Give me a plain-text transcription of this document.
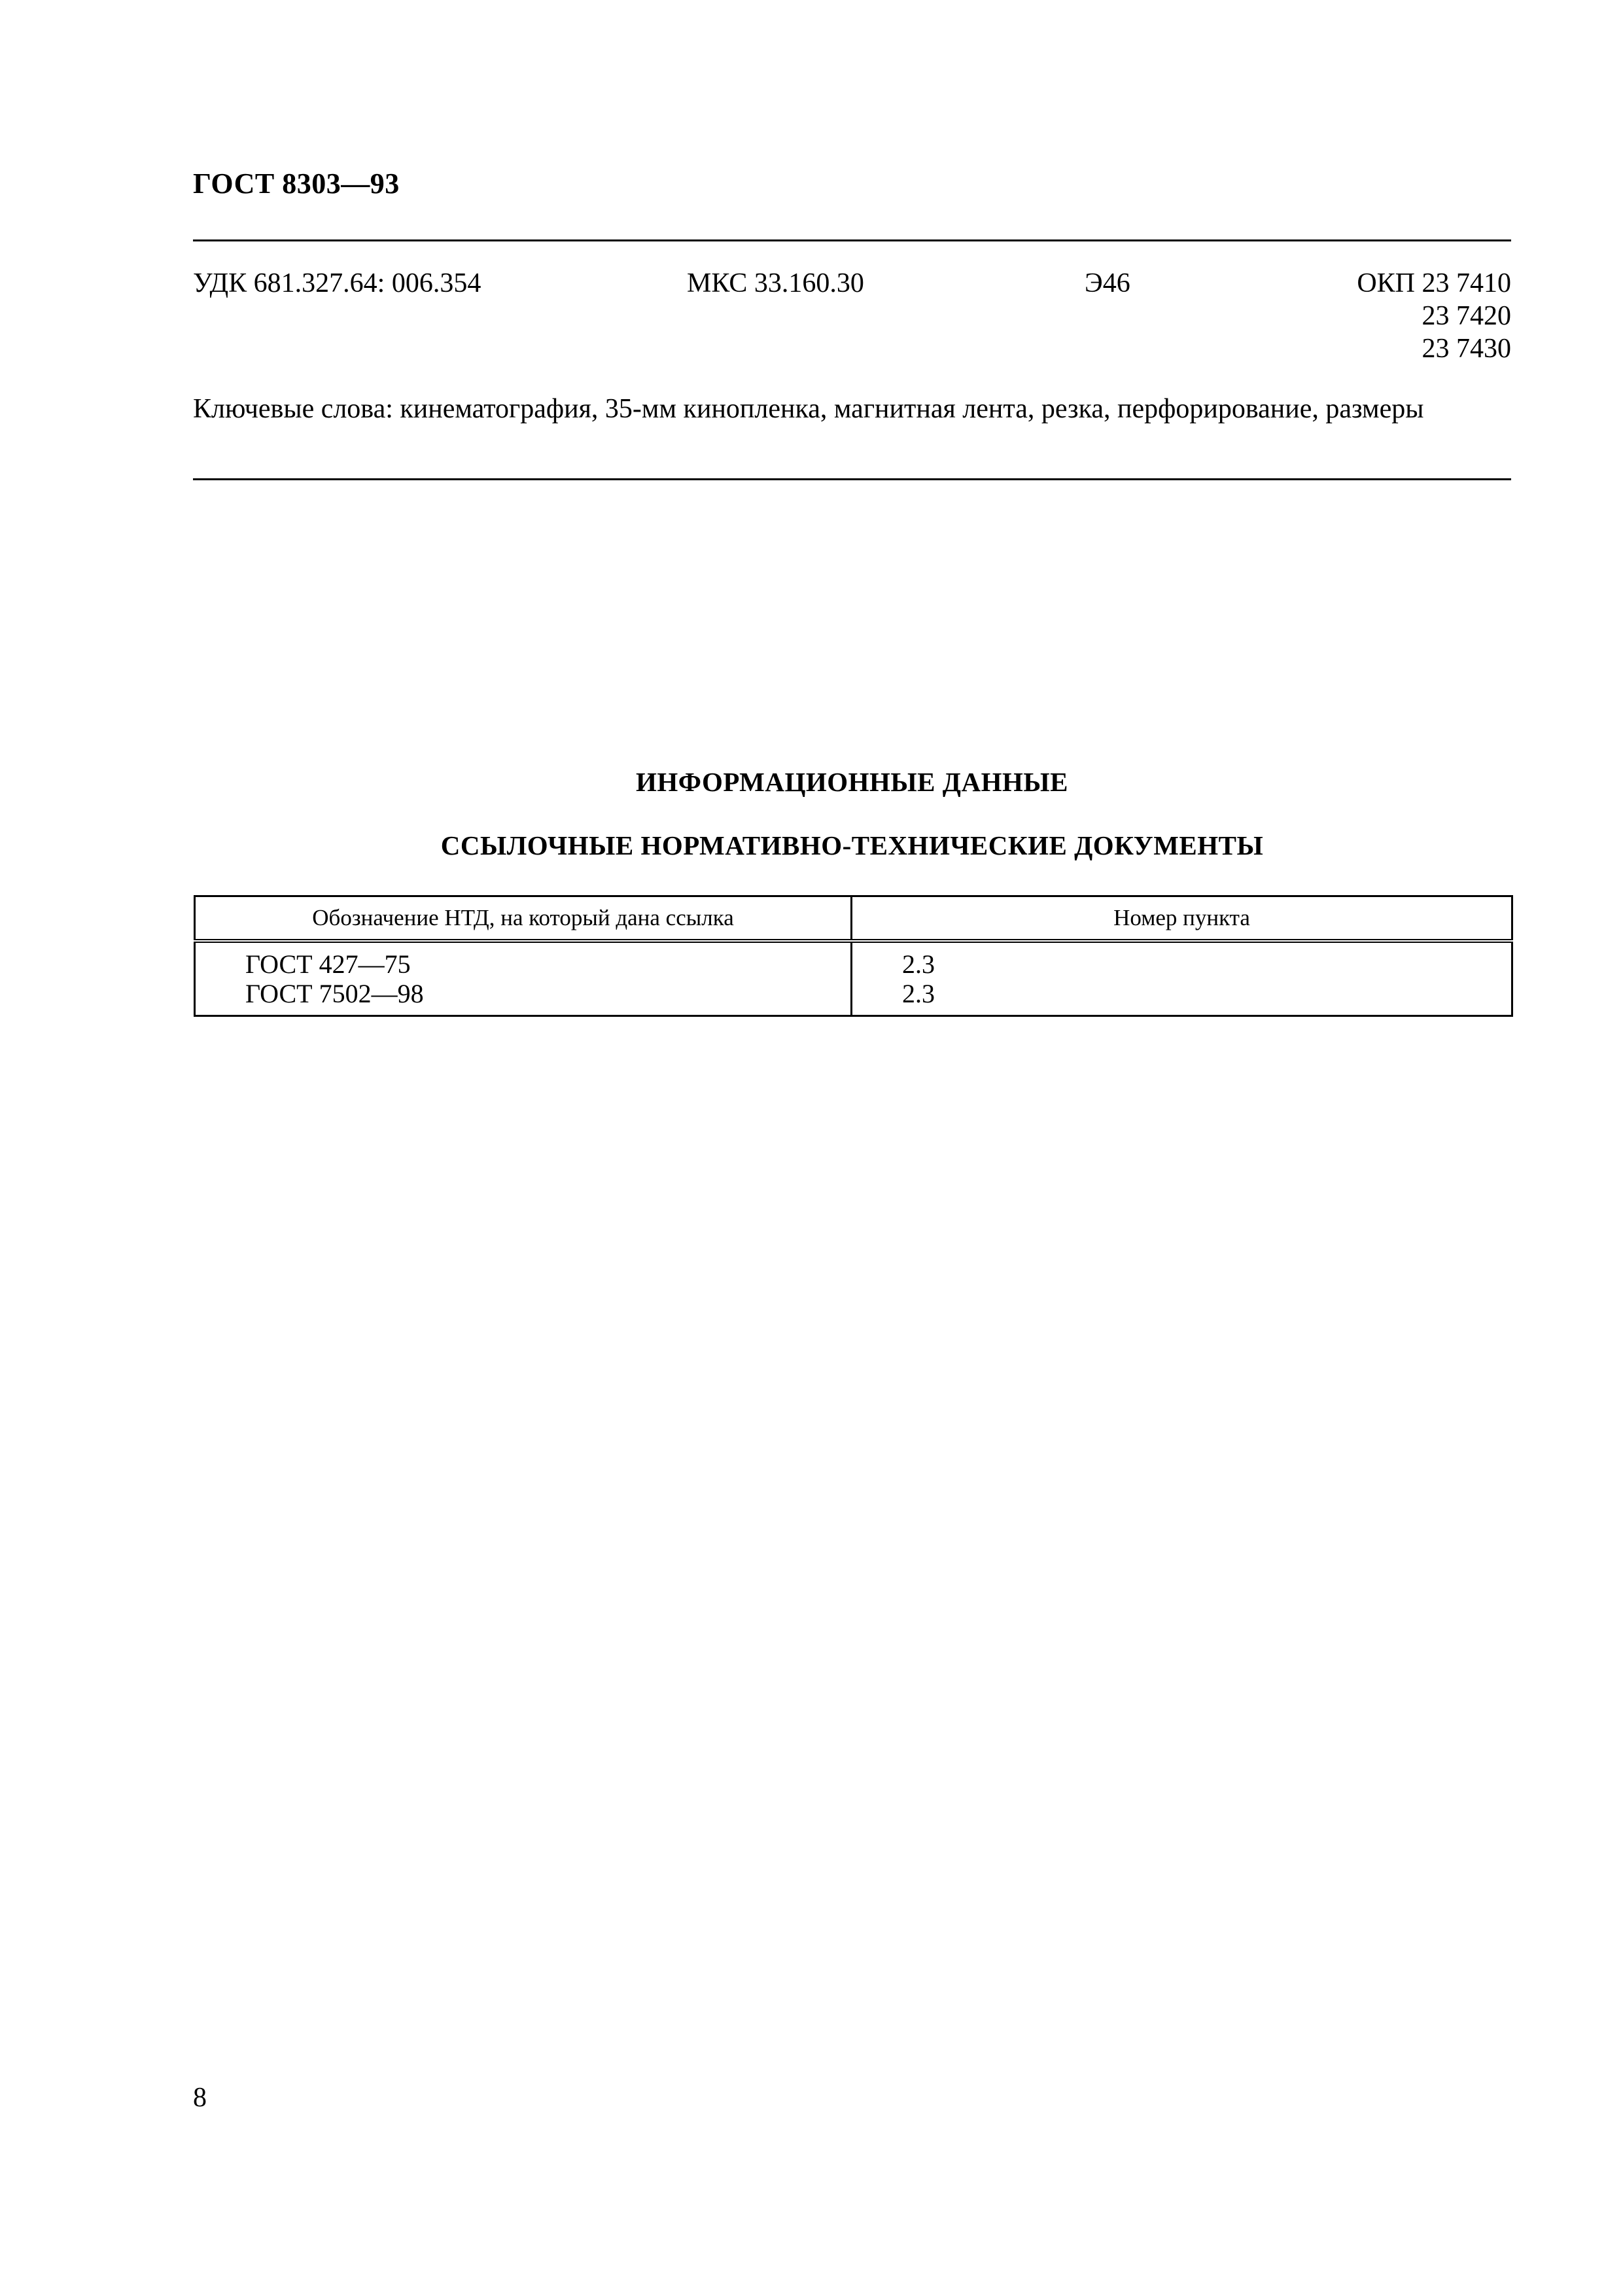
ГОСТ 8303—93
УДК 681.327.64: 006.354	МКС 33.160.30	Э46	ОКП 23 7410
23 7420
23 7430
Ключевые слова: кинематография, 35-мм кинопленка, магнитная лента, резка, перфорирование, размеры
ИНФОРМАЦИОННЫЕ ДАННЫЕ
ССЫЛОЧНЫЕ НОРМАТИВНО-ТЕХНИЧЕСКИЕ ДОКУМЕНТЫ
Обозначение НТД, на который дана ссылка	Номер пункта
ГОСТ 427—75	2.3
ГОСТ 7502—98	2.3
8
